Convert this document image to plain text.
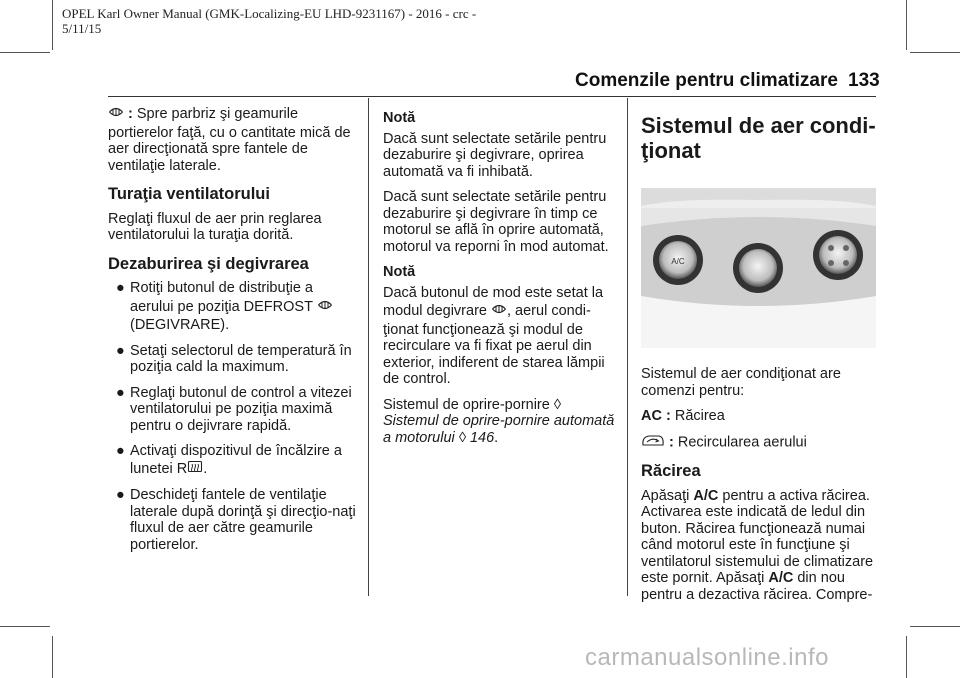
OPEL Karl Owner Manual (GMK-Localizing-EU LHD-9231167) - 2016 - crc -
5/11/15
Comenzile pentru climatizare 133

: Spre parbriz şi geamurile portierelor faţă, cu o cantitate mică de aer direcţionată spre fantele de ventilaţie laterale.

Turaţia ventilatorului

Reglaţi fluxul de aer prin reglarea ventilatorului la turaţia dorită.

Dezaburirea şi degivrarea
● Rotiţi butonul de distribuţie a aerului pe poziţia DEFROST
(DEGIVRARE).
● Setaţi selectorul de temperatură în poziţia cald la maximum.
● Reglaţi butonul de control a vitezei ventilatorului pe poziţia maximă pentru o dejivrare rapidă.
● Activaţi dispozitivul de încălzire a lunetei R .
● Deschideţi fantele de ventilaţie laterale după dorinţă şi direcţio-naţi fluxul de aer către geamurile portierelor.
Notă

Dacă sunt selectate setările pentru dezaburire şi degivrare, oprirea automată va fi inhibată.

Dacă sunt selectate setările pentru dezaburire şi degivrare în timp ce motorul se află în oprire automată, motorul va reporni în mod automat.

Notă

Dacă butonul de mod este setat la modul degivrare , aerul condi-ţionat funcţionează şi modul de recirculare va fi fixat pe aerul din exterior, indiferent de starea lămpii de control.

Sistemul de oprire-pornire ◊
Sistemul de oprire-pornire automată a motorului ◊ 146.

Sistemul de aer condi-ţionat
A/C

Sistemul de aer condiţionat are comenzi pentru:

AC : Răcirea

: Recircularea aerului

Răcirea

Apăsaţi A/C pentru a activa răcirea. Activarea este indicată de ledul din buton. Răcirea funcţionează numai când motorul este în funcţiune şi ventilatorul sistemului de climatizare este pornit. Apăsaţi A/C din nou pentru a dezactiva răcirea. Compre-

carmanualsonline.info
